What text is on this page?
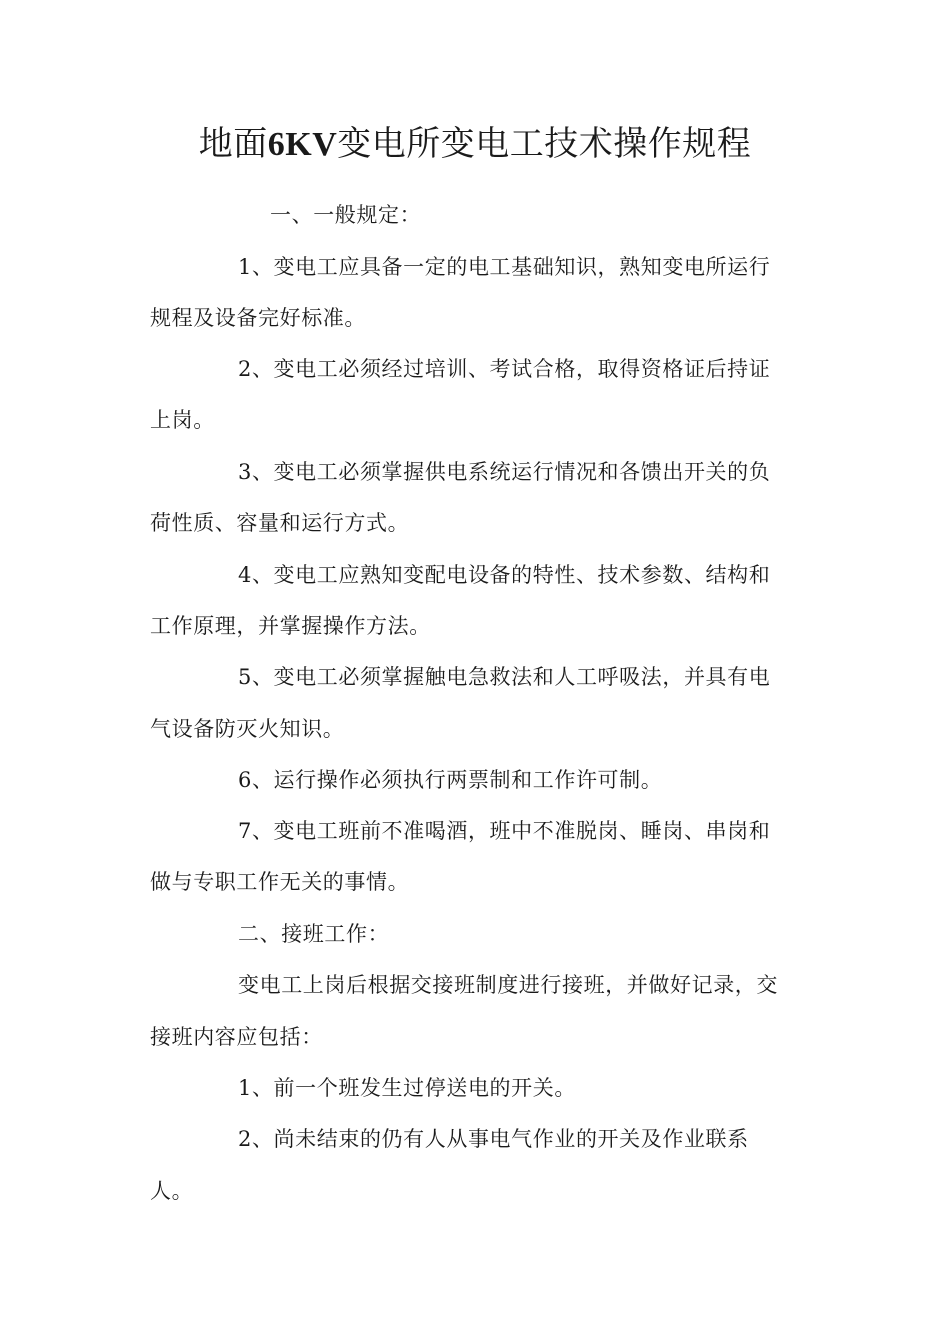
地面6KV变电所变电工技术操作规程
一、一般规定：
1、变电工应具备一定的电工基础知识，熟知变电所运行
规程及设备完好标准。
2、变电工必须经过培训、考试合格，取得资格证后持证
上岗。
3、变电工必须掌握供电系统运行情况和各馈出开关的负
荷性质、容量和运行方式。
4、变电工应熟知变配电设备的特性、技术参数、结构和
工作原理，并掌握操作方法。
5、变电工必须掌握触电急救法和人工呼吸法，并具有电
气设备防灭火知识。
6、运行操作必须执行两票制和工作许可制。
7、变电工班前不准喝酒，班中不准脱岗、睡岗、串岗和
做与专职工作无关的事情。
二、接班工作：
变电工上岗后根据交接班制度进行接班，并做好记录，交
接班内容应包括：
1、前一个班发生过停送电的开关。
2、尚未结束的仍有人从事电气作业的开关及作业联系
人。
